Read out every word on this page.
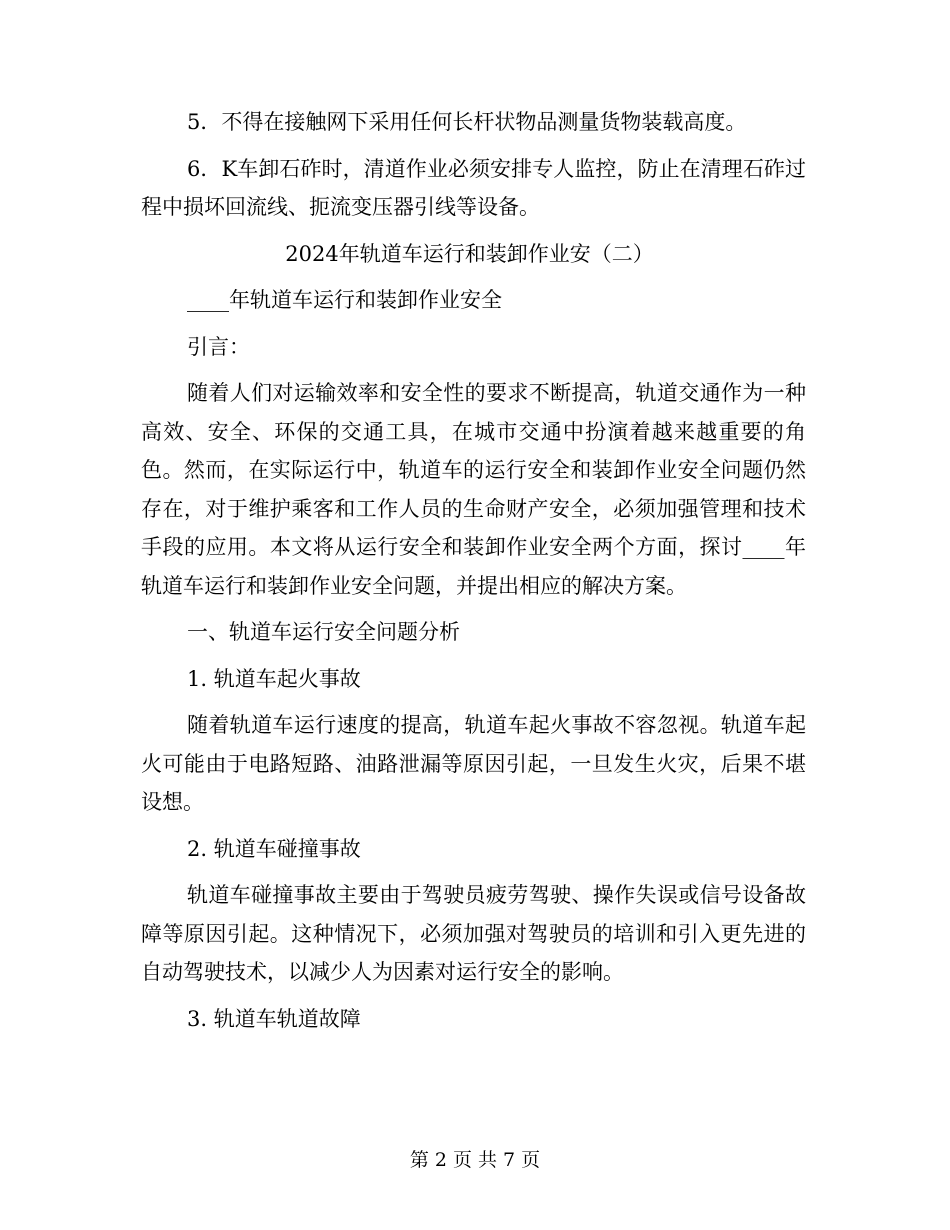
5．不得在接触网下采用任何长杆状物品测量货物装载高度。

6．K车卸石砟时，清道作业必须安排专人监控，防止在清理石砟过程中损坏回流线、扼流变压器引线等设备。

2024年轨道车运行和装卸作业安（二）

____年轨道车运行和装卸作业安全

引言：

随着人们对运输效率和安全性的要求不断提高，轨道交通作为一种高效、安全、环保的交通工具，在城市交通中扮演着越来越重要的角色。然而，在实际运行中，轨道车的运行安全和装卸作业安全问题仍然存在，对于维护乘客和工作人员的生命财产安全，必须加强管理和技术手段的应用。本文将从运行安全和装卸作业安全两个方面，探讨____年轨道车运行和装卸作业安全问题，并提出相应的解决方案。

一、轨道车运行安全问题分析

1. 轨道车起火事故

随着轨道车运行速度的提高，轨道车起火事故不容忽视。轨道车起火可能由于电路短路、油路泄漏等原因引起，一旦发生火灾，后果不堪设想。

2. 轨道车碰撞事故

轨道车碰撞事故主要由于驾驶员疲劳驾驶、操作失误或信号设备故障等原因引起。这种情况下，必须加强对驾驶员的培训和引入更先进的自动驾驶技术，以减少人为因素对运行安全的影响。

3. 轨道车轨道故障

第 2 页 共 7 页
